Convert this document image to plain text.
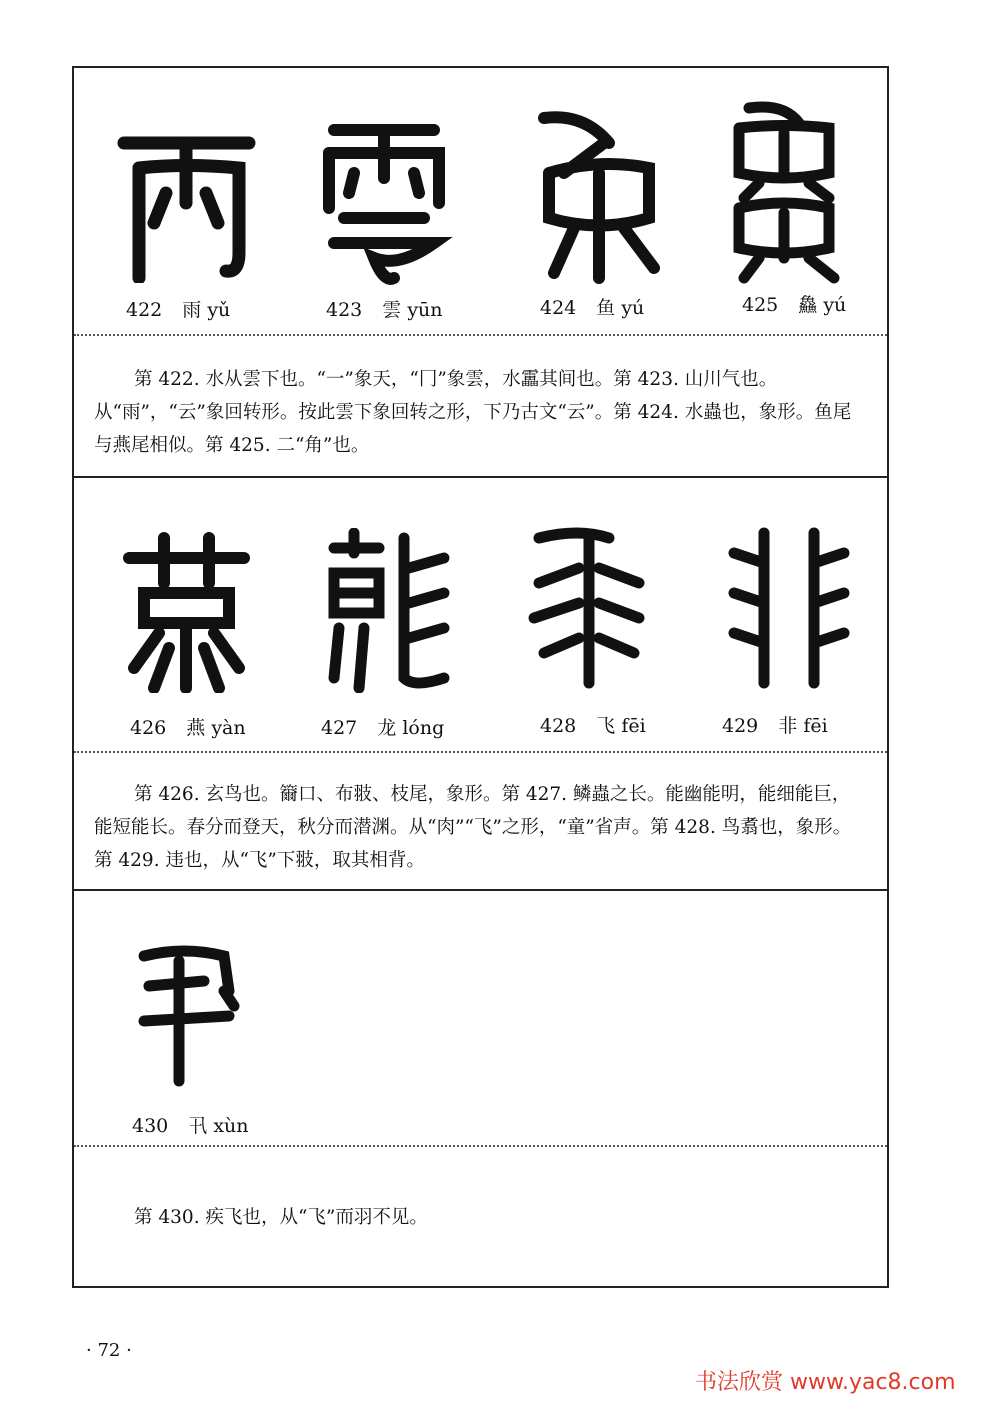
422 雨 yǔ	423 雲 yūn	424 鱼 yú	425 鱻 yú
第 422. 水从雲下也。“一”象天，“冂”象雲，水靁其间也。第 423. 山川气也。从“雨”，“云”象回转形。按此雲下象回转之形，下乃古文“云”。第 424. 水蟲也，象形。鱼尾与燕尾相似。第 425. 二“角”也。
426 燕 yàn	427 龙 lóng	428 飞 fēi	429 非 fēi
第 426. 玄鸟也。籋口、布翄、枝尾，象形。第 427. 鳞蟲之长。能幽能明，能细能巨，能短能长。春分而登天，秋分而潜渊。从“肉”“飞”之形，“童”省声。第 428. 鸟翥也，象形。第 429. 违也，从“飞”下翄，取其相背。
430 卂 xùn
第 430. 疾飞也，从“飞”而羽不见。
· 72 ·
书法欣赏 www.yac8.com
